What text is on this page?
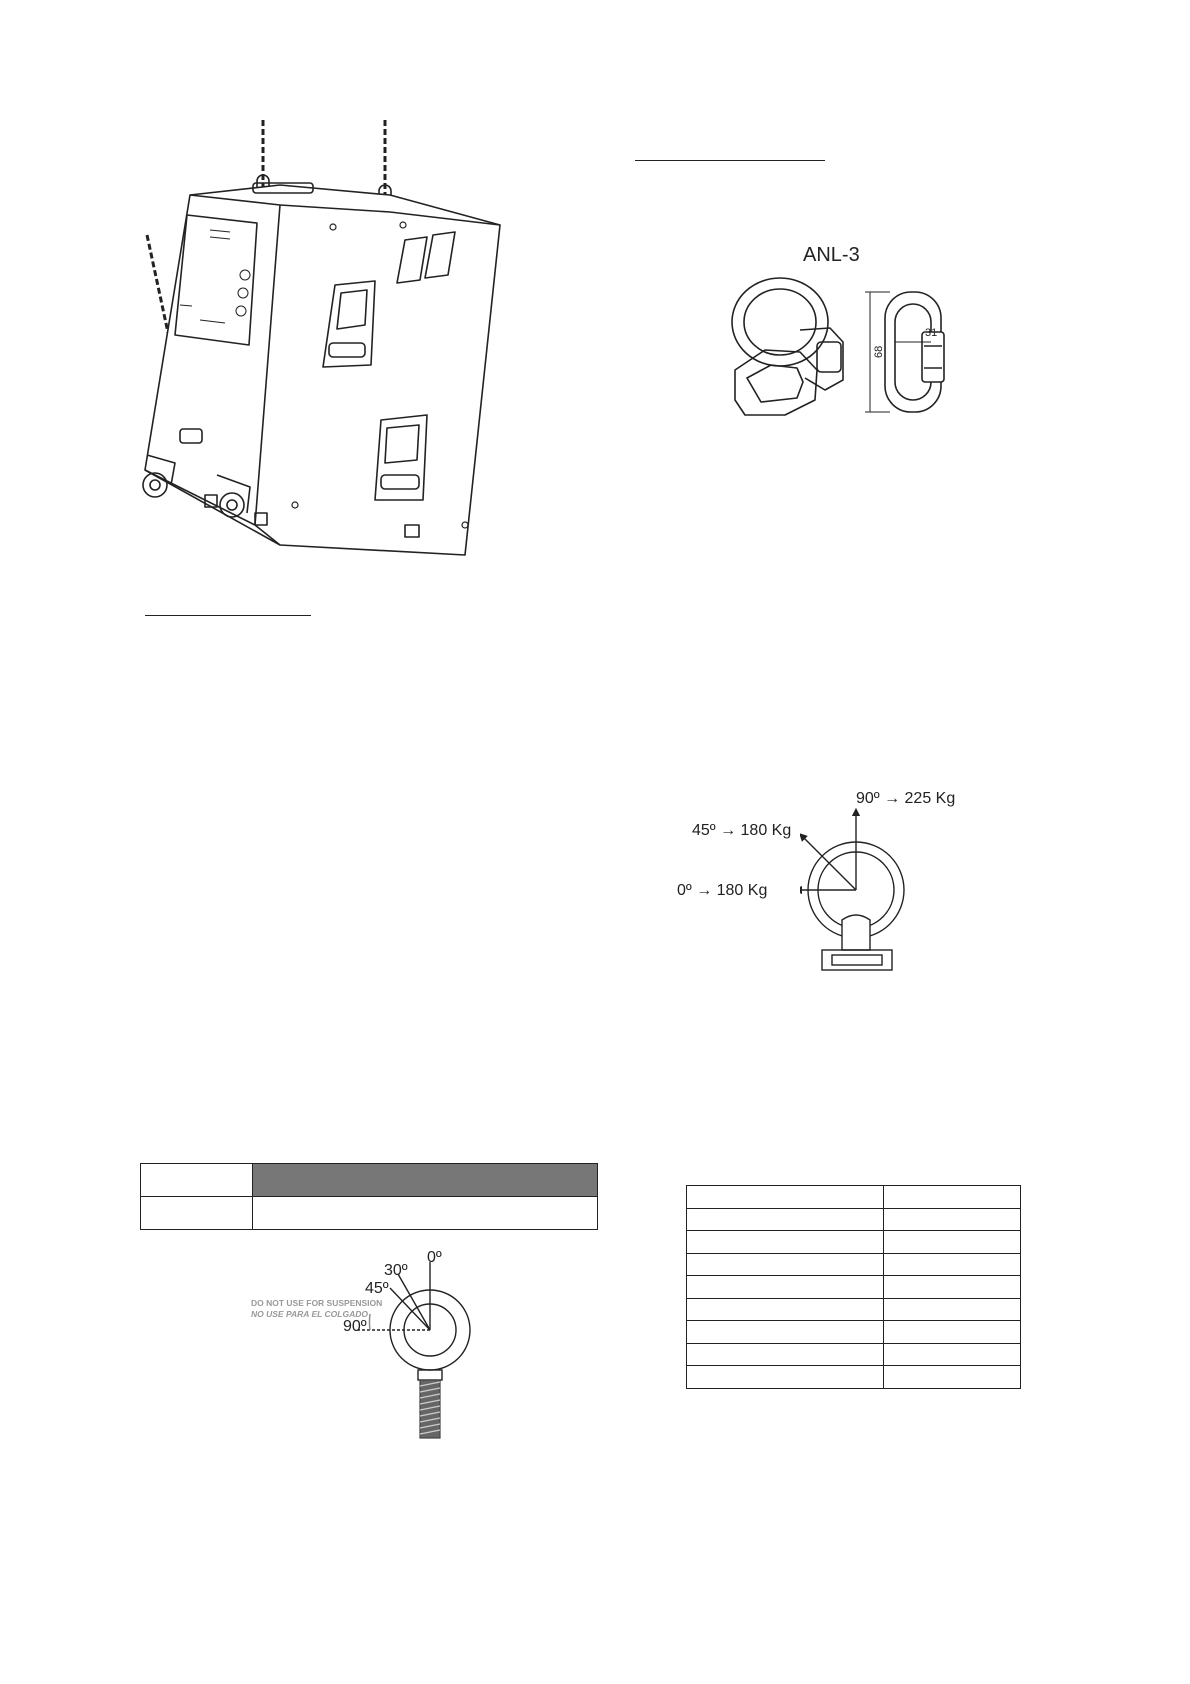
ANL-3
31
68
90º → 225 Kg
45º → 180 Kg
0º → 180 Kg

0º
30º
45º
90º
DO NOT USE FOR SUSPENSION
NO USE PARA EL COLGADO
